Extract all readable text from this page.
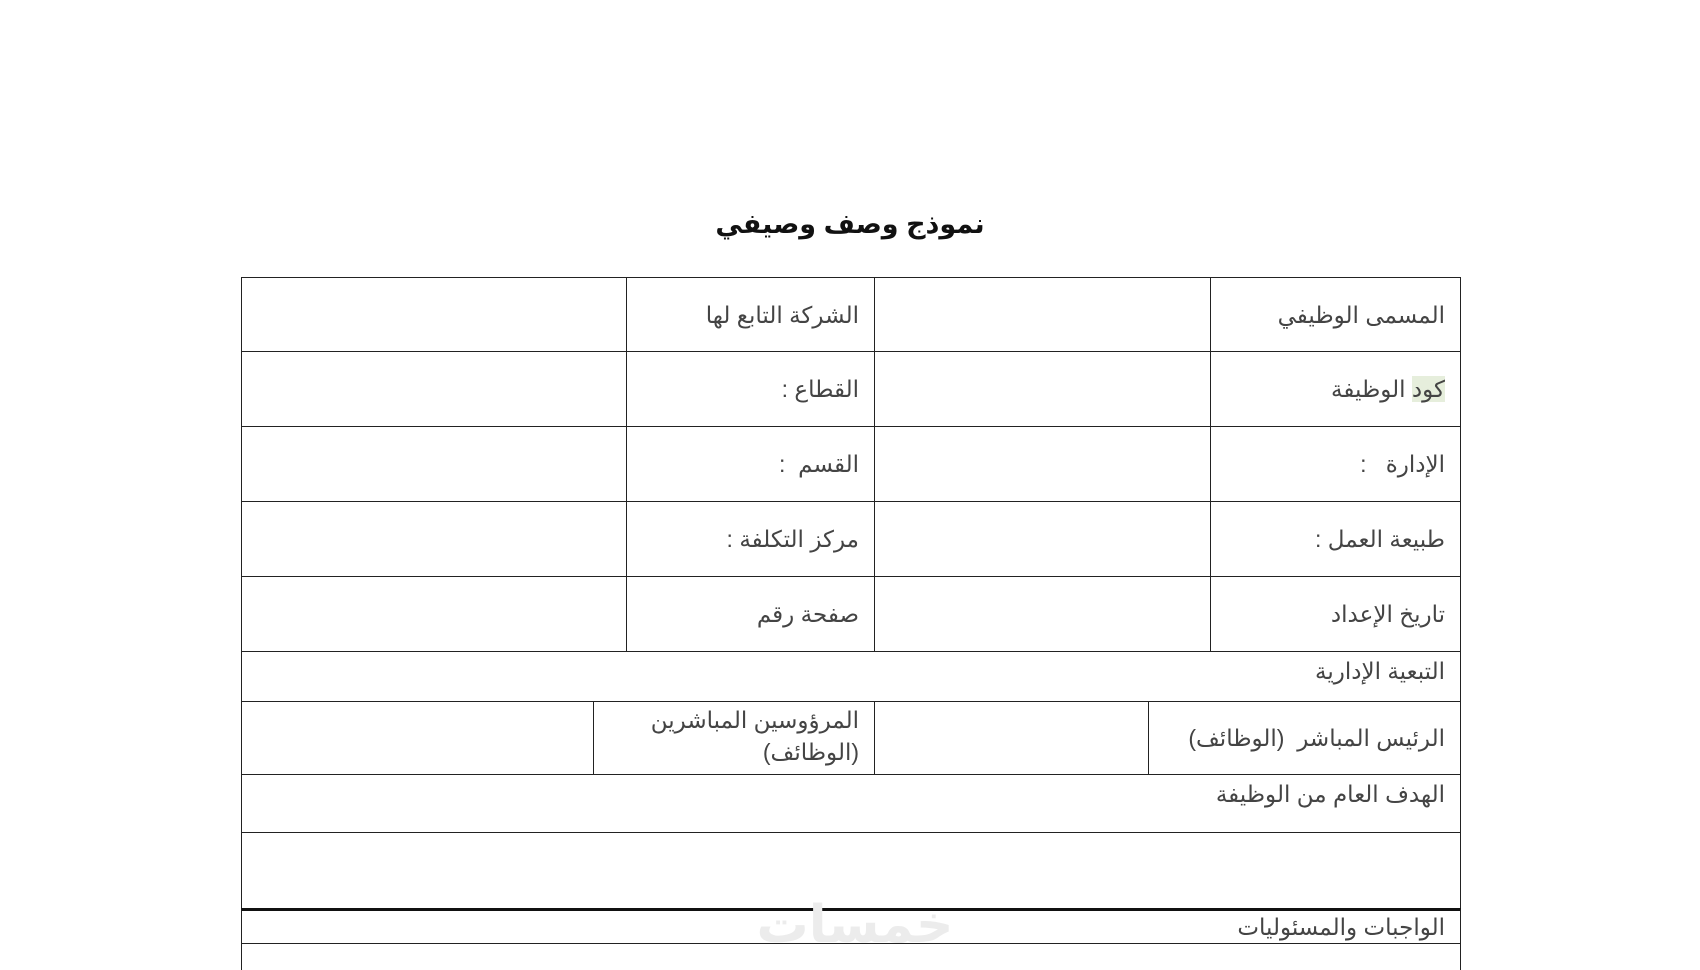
نموذج وصف وصيفي
المسمى الوظيفي
الشركة التابع لها
كود الوظيفة
القطاع :
الإدارة   :
القسم  :
طبيعة العمل :
مركز التكلفة :
تاريخ الإعداد
صفحة رقم
التبعية الإدارية
الرئيس المباشر  (الوظائف)
المرؤوسين المباشرين
(الوظائف)
الهدف العام من الوظيفة
الواجبات والمسئوليات
خمسات
